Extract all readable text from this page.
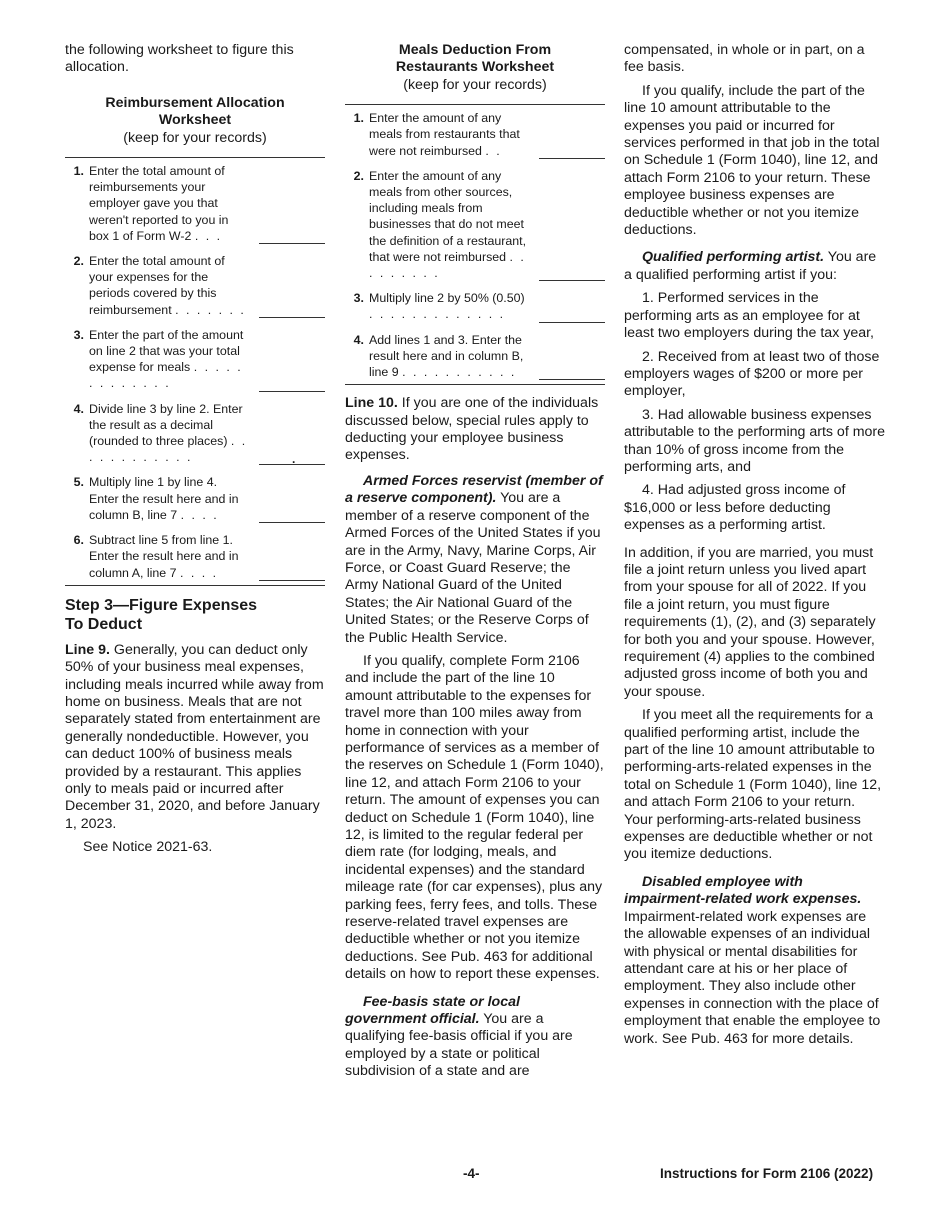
the following worksheet to figure this allocation.

Reimbursement Allocation
Worksheet
(keep for your records)
1. Enter the total amount of reimbursements your employer gave you that weren't reported to you in box 1 of Form W-2 . . .
2. Enter the total amount of your expenses for the periods covered by this reimbursement . . . . . . .
3. Enter the part of the amount on line 2 that was your total expense for meals . . . . . . . . . . . . .
4. Divide line 3 by line 2. Enter the result as a decimal (rounded to three places) . . . . . . . . . . . .	.
5. Multiply line 1 by line 4. Enter the result here and in column B, line 7 . . . .
6. Subtract line 5 from line 1. Enter the result here and in column A, line 7 . . . .
Step 3—Figure Expenses
To Deduct

Line 9. Generally, you can deduct only 50% of your business meal expenses, including meals incurred while away from home on business. Meals that are not separately stated from entertainment are generally nondeductible. However, you can deduct 100% of business meals provided by a restaurant. This applies only to meals paid or incurred after December 31, 2020, and before January 1, 2023.

See Notice 2021-63.

Meals Deduction From
Restaurants Worksheet
(keep for your records)
1. Enter the amount of any meals from restaurants that were not reimbursed . .
2. Enter the amount of any meals from other sources, including meals from businesses that do not meet the definition of a restaurant, that were not reimbursed . . . . . . . . .
3. Multiply line 2 by 50% (0.50) . . . . . . . . . . . . .
4. Add lines 1 and 3. Enter the result here and in column B, line 9 . . . . . . . . . . .

Line 10. If you are one of the individuals discussed below, special rules apply to deducting your employee business expenses.

Armed Forces reservist (member of a reserve component). You are a member of a reserve component of the Armed Forces of the United States if you are in the Army, Navy, Marine Corps, Air Force, or Coast Guard Reserve; the Army National Guard of the United States; the Air National Guard of the United States; or the Reserve Corps of the Public Health Service.

If you qualify, complete Form 2106 and include the part of the line 10 amount attributable to the expenses for travel more than 100 miles away from home in connection with your performance of services as a member of the reserves on Schedule 1 (Form 1040), line 12, and attach Form 2106 to your return. The amount of expenses you can deduct on Schedule 1 (Form 1040), line 12, is limited to the regular federal per diem rate (for lodging, meals, and incidental expenses) and the standard mileage rate (for car expenses), plus any parking fees, ferry fees, and tolls. These reserve-related travel expenses are deductible whether or not you itemize deductions. See Pub. 463 for additional details on how to report these expenses.

Fee-basis state or local government official. You are a qualifying fee-basis official if you are employed by a state or political subdivision of a state and are

compensated, in whole or in part, on a fee basis.

If you qualify, include the part of the line 10 amount attributable to the expenses you paid or incurred for services performed in that job in the total on Schedule 1 (Form 1040), line 12, and attach Form 2106 to your return. These employee business expenses are deductible whether or not you itemize deductions.

Qualified performing artist. You are a qualified performing artist if you:

1. Performed services in the performing arts as an employee for at least two employers during the tax year,

2. Received from at least two of those employers wages of $200 or more per employer,

3. Had allowable business expenses attributable to the performing arts of more than 10% of gross income from the performing arts, and

4. Had adjusted gross income of $16,000 or less before deducting expenses as a performing artist.

In addition, if you are married, you must file a joint return unless you lived apart from your spouse for all of 2022. If you file a joint return, you must figure requirements (1), (2), and (3) separately for both you and your spouse. However, requirement (4) applies to the combined adjusted gross income of both you and your spouse.

If you meet all the requirements for a qualified performing artist, include the part of the line 10 amount attributable to performing-arts-related expenses in the total on Schedule 1 (Form 1040), line 12, and attach Form 2106 to your return. Your performing-arts-related business expenses are deductible whether or not you itemize deductions.

Disabled employee with impairment-related work expenses. Impairment-related work expenses are the allowable expenses of an individual with physical or mental disabilities for attendant care at his or her place of employment. They also include other expenses in connection with the place of employment that enable the employee to work. See Pub. 463 for more details.

-4-	Instructions for Form 2106 (2022)
